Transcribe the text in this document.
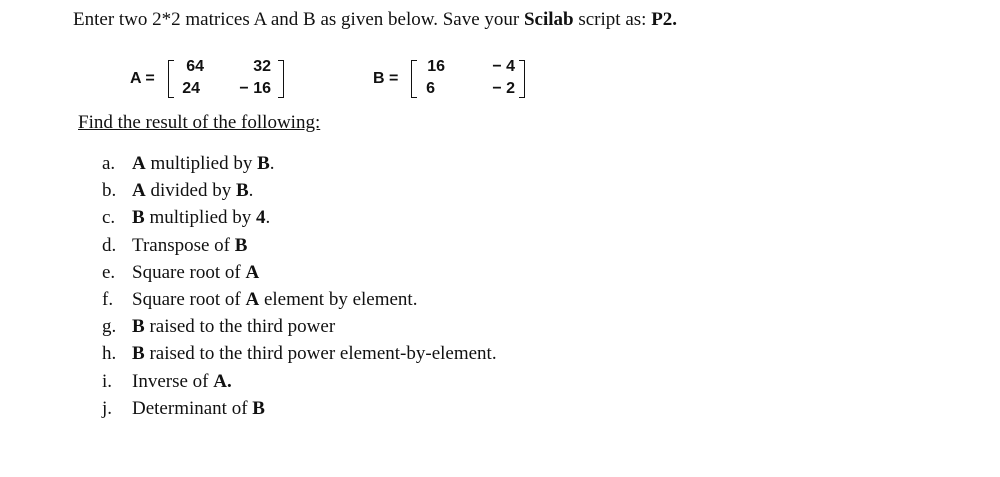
Enter two 2*2 matrices A and B as given below. Save your Scilab script as: P2.
A =
64	32
24	− 16
B =
16	− 4
6	− 2
Find the result of the following:
a. A multiplied by B.
b. A divided by B.
c. B multiplied by 4.
d. Transpose of B
e. Square root of A
f. Square root of A element by element.
g. B raised to the third power
h. B raised to the third power element-by-element.
i.	Inverse of A.
j.	Determinant of B
